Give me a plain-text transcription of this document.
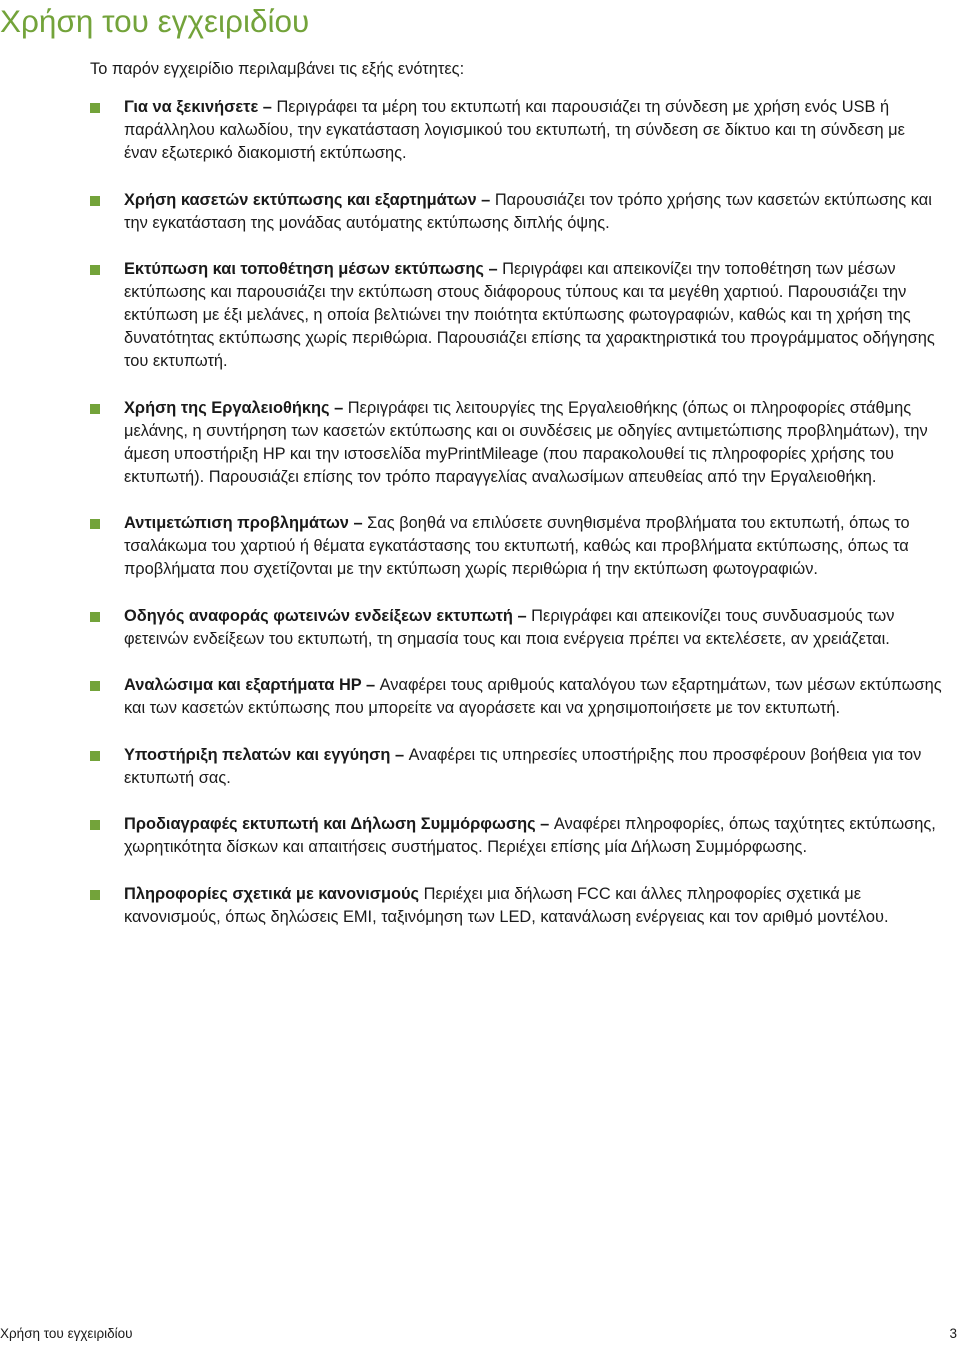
Χρήση του εγχειριδίου

Το παρόν εγχειρίδιο περιλαμβάνει τις εξής ενότητες:

Για να ξεκινήσετε – Περιγράφει τα μέρη του εκτυπωτή και παρουσιάζει τη σύνδεση με χρήση ενός USB ή παράλληλου καλωδίου, την εγκατάσταση λογισμικού του εκτυπωτή, τη σύνδεση σε δίκτυο και τη σύνδεση με έναν εξωτερικό διακομιστή εκτύπωσης.
Χρήση κασετών εκτύπωσης και εξαρτημάτων – Παρουσιάζει τον τρόπο χρήσης των κασετών εκτύπωσης και την εγκατάσταση της μονάδας αυτόματης εκτύπωσης διπλής όψης.
Εκτύπωση και τοποθέτηση μέσων εκτύπωσης – Περιγράφει και απεικονίζει την τοποθέτηση των μέσων εκτύπωσης και παρουσιάζει την εκτύπωση στους διάφορους τύπους και τα μεγέθη χαρτιού. Παρουσιάζει την εκτύπωση με έξι μελάνες, η οποία βελτιώνει την ποιότητα εκτύπωσης φωτογραφιών, καθώς και τη χρήση της δυνατότητας εκτύπωσης χωρίς περιθώρια. Παρουσιάζει επίσης τα χαρακτηριστικά του προγράμματος οδήγησης του εκτυπωτή.
Χρήση της Εργαλειοθήκης – Περιγράφει τις λειτουργίες της Εργαλειοθήκης (όπως οι πληροφορίες στάθμης μελάνης, η συντήρηση των κασετών εκτύπωσης και οι συνδέσεις με οδηγίες αντιμετώπισης προβλημάτων), την άμεση υποστήριξη HP και την ιστοσελίδα myPrintMileage (που παρακολουθεί τις πληροφορίες χρήσης του εκτυπωτή). Παρουσιάζει επίσης τον τρόπο παραγγελίας αναλωσίμων απευθείας από την Εργαλειοθήκη.
Αντιμετώπιση προβλημάτων – Σας βοηθά να επιλύσετε συνηθισμένα προβλήματα του εκτυπωτή, όπως το τσαλάκωμα του χαρτιού ή θέματα εγκατάστασης του εκτυπωτή, καθώς και προβλήματα εκτύπωσης, όπως τα προβλήματα που σχετίζονται με την εκτύπωση χωρίς περιθώρια ή την εκτύπωση φωτογραφιών.
Οδηγός αναφοράς φωτεινών ενδείξεων εκτυπωτή – Περιγράφει και απεικονίζει τους συνδυασμούς των φετεινών ενδείξεων του εκτυπωτή, τη σημασία τους και ποια ενέργεια πρέπει να εκτελέσετε, αν χρειάζεται.
Αναλώσιμα και εξαρτήματα HP – Αναφέρει τους αριθμούς καταλόγου των εξαρτημάτων, των μέσων εκτύπωσης και των κασετών εκτύπωσης που μπορείτε να αγοράσετε και να χρησιμοποιήσετε με τον εκτυπωτή.
Υποστήριξη πελατών και εγγύηση – Αναφέρει τις υπηρεσίες υποστήριξης που προσφέρουν βοήθεια για τον εκτυπωτή σας.
Προδιαγραφές εκτυπωτή και Δήλωση Συμμόρφωσης – Αναφέρει πληροφορίες, όπως ταχύτητες εκτύπωσης, χωρητικότητα δίσκων και απαιτήσεις συστήματος. Περιέχει επίσης μία Δήλωση Συμμόρφωσης.
Πληροφορίες σχετικά με κανονισμούς Περιέχει μια δήλωση FCC και άλλες πληροφορίες σχετικά με κανονισμούς, όπως δηλώσεις EMI, ταξινόμηση των LED, κατανάλωση ενέργειας και τον αριθμό μοντέλου.
Χρήση του εγχειριδίου	3
